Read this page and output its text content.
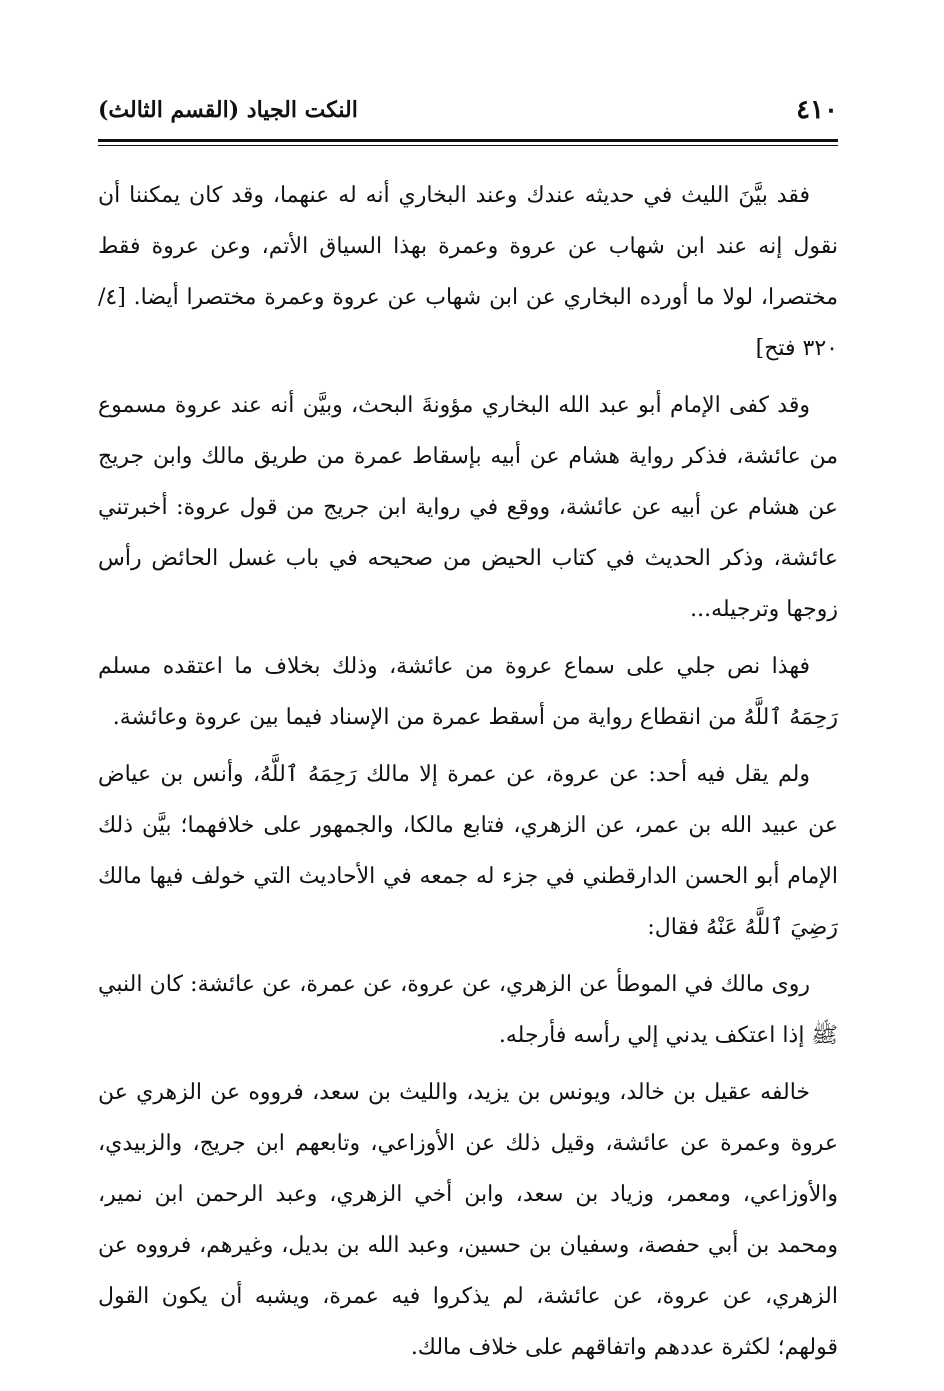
٤١٠
النكت الجياد (القسم الثالث)

فقد بيَّنَ الليث في حديثه عندك وعند البخاري أنه له عنهما، وقد كان يمكننا أن نقول إنه عند ابن شهاب عن عروة وعمرة بهذا السياق الأتم، وعن عروة فقط مختصرا، لولا ما أورده البخاري عن ابن شهاب عن عروة وعمرة مختصرا أيضا. [٤/ ٣٢٠ فتح]

وقد كفى الإمام أبو عبد الله البخاري مؤونةَ البحث، وبيَّن أنه عند عروة مسموع من عائشة، فذكر رواية هشام عن أبيه بإسقاط عمرة من طريق مالك وابن جريج عن هشام عن أبيه عن عائشة، ووقع في رواية ابن جريج من قول عروة: أخبرتني عائشة، وذكر الحديث في كتاب الحيض من صحيحه في باب غسل الحائض رأس زوجها وترجيله...

فهذا نص جلي على سماع عروة من عائشة، وذلك بخلاف ما اعتقده مسلم رَحِمَهُ ٱللَّهُ من انقطاع رواية من أسقط عمرة من الإسناد فيما بين عروة وعائشة.

ولم يقل فيه أحد: عن عروة، عن عمرة إلا مالك رَحِمَهُ ٱللَّهُ، وأنس بن عياض عن عبيد الله بن عمر، عن الزهري، فتابع مالكا، والجمهور على خلافهما؛ بيَّن ذلك الإمام أبو الحسن الدارقطني في جزء له جمعه في الأحاديث التي خولف فيها مالك رَضِيَ ٱللَّهُ عَنْهُ فقال:

روى مالك في الموطأ عن الزهري، عن عروة، عن عمرة، عن عائشة: كان النبي ﷺ إذا اعتكف يدني إلي رأسه فأرجله.

خالفه عقيل بن خالد، ويونس بن يزيد، والليث بن سعد، فرووه عن الزهري عن عروة وعمرة عن عائشة، وقيل ذلك عن الأوزاعي، وتابعهم ابن جريج، والزبيدي، والأوزاعي، ومعمر، وزياد بن سعد، وابن أخي الزهري، وعبد الرحمن ابن نمير، ومحمد بن أبي حفصة، وسفيان بن حسين، وعبد الله بن بديل، وغيرهم، فرووه عن الزهري، عن عروة، عن عائشة، لم يذكروا فيه عمرة، ويشبه أن يكون القول قولهم؛ لكثرة عددهم واتفاقهم على خلاف مالك.
